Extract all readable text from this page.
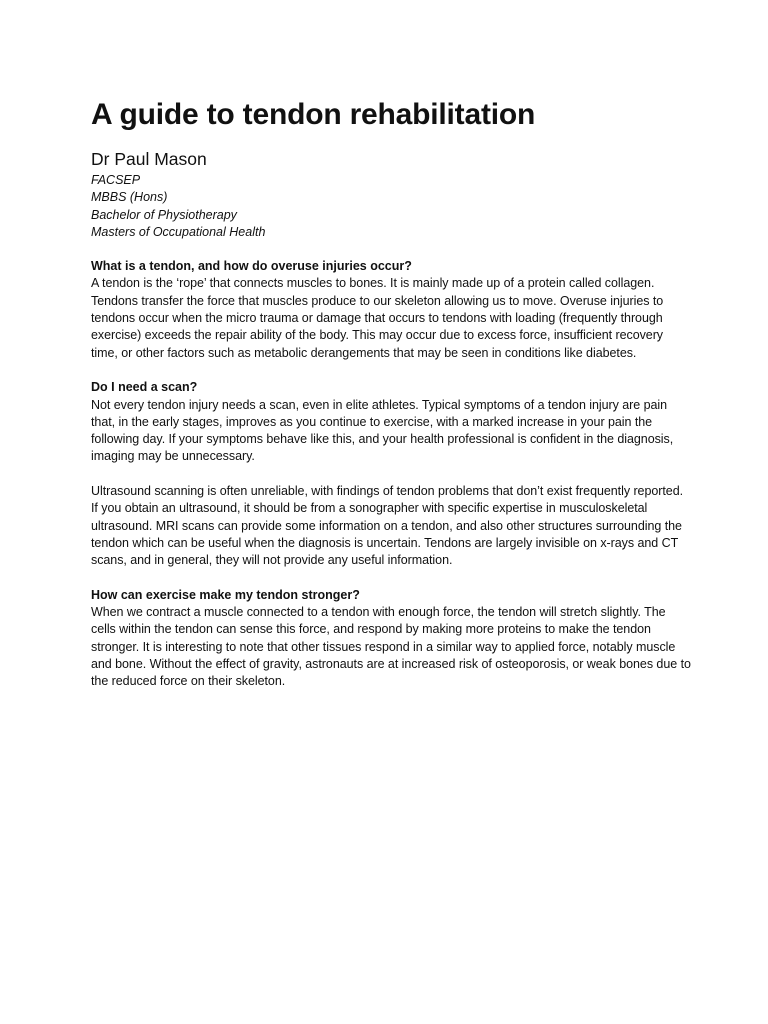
A guide to tendon rehabilitation
Dr Paul Mason
FACSEP
MBBS (Hons)
Bachelor of Physiotherapy
Masters of Occupational Health
What is a tendon, and how do overuse injuries occur?

A tendon is the ‘rope’ that connects muscles to bones. It is mainly made up of a protein called collagen. Tendons transfer the force that muscles produce to our skeleton allowing us to move. Overuse injuries to tendons occur when the micro trauma or damage that occurs to tendons with loading (frequently through exercise) exceeds the repair ability of the body. This may occur due to excess force, insufficient recovery time, or other factors such as metabolic derangements that may be seen in conditions like diabetes.

Do I need a scan?

Not every tendon injury needs a scan, even in elite athletes. Typical symptoms of a tendon injury are pain that, in the early stages, improves as you continue to exercise, with a marked increase in your pain the following day. If your symptoms behave like this, and your health professional is confident in the diagnosis, imaging may be unnecessary.

Ultrasound scanning is often unreliable, with findings of tendon problems that don’t exist frequently reported. If you obtain an ultrasound, it should be from a sonographer with specific expertise in musculoskeletal ultrasound. MRI scans can provide some information on a tendon, and also other structures surrounding the tendon which can be useful when the diagnosis is uncertain. Tendons are largely invisible on x-rays and CT scans, and in general, they will not provide any useful information.

How can exercise make my tendon stronger?

When we contract a muscle connected to a tendon with enough force, the tendon will stretch slightly. The cells within the tendon can sense this force, and respond by making more proteins to make the tendon stronger. It is interesting to note that other tissues respond in a similar way to applied force, notably muscle and bone. Without the effect of gravity, astronauts are at increased risk of osteoporosis, or weak bones due to the reduced force on their skeleton.
